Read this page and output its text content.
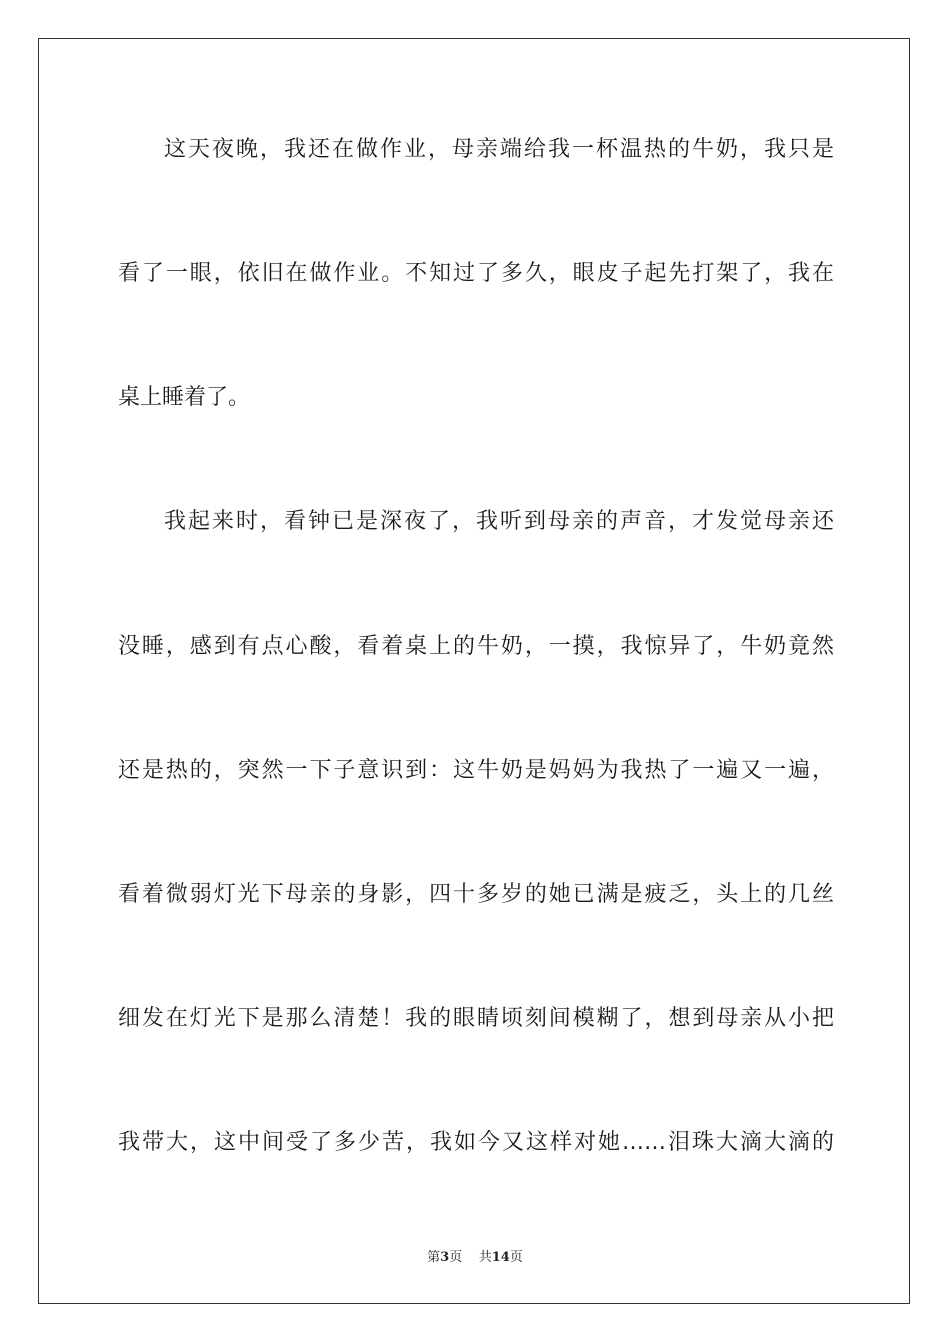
这天夜晚，我还在做作业，母亲端给我一杯温热的牛奶，我只是
看了一眼，依旧在做作业。不知过了多久，眼皮子起先打架了，我在
桌上睡着了。
我起来时，看钟已是深夜了，我听到母亲的声音，才发觉母亲还
没睡，感到有点心酸，看着桌上的牛奶，一摸，我惊异了，牛奶竟然
还是热的，突然一下子意识到：这牛奶是妈妈为我热了一遍又一遍，
看着微弱灯光下母亲的身影，四十多岁的她已满是疲乏，头上的几丝
细发在灯光下是那么清楚！我的眼睛顷刻间模糊了，想到母亲从小把
我带大，这中间受了多少苦，我如今又这样对她……泪珠大滴大滴的
第3页 共14页
